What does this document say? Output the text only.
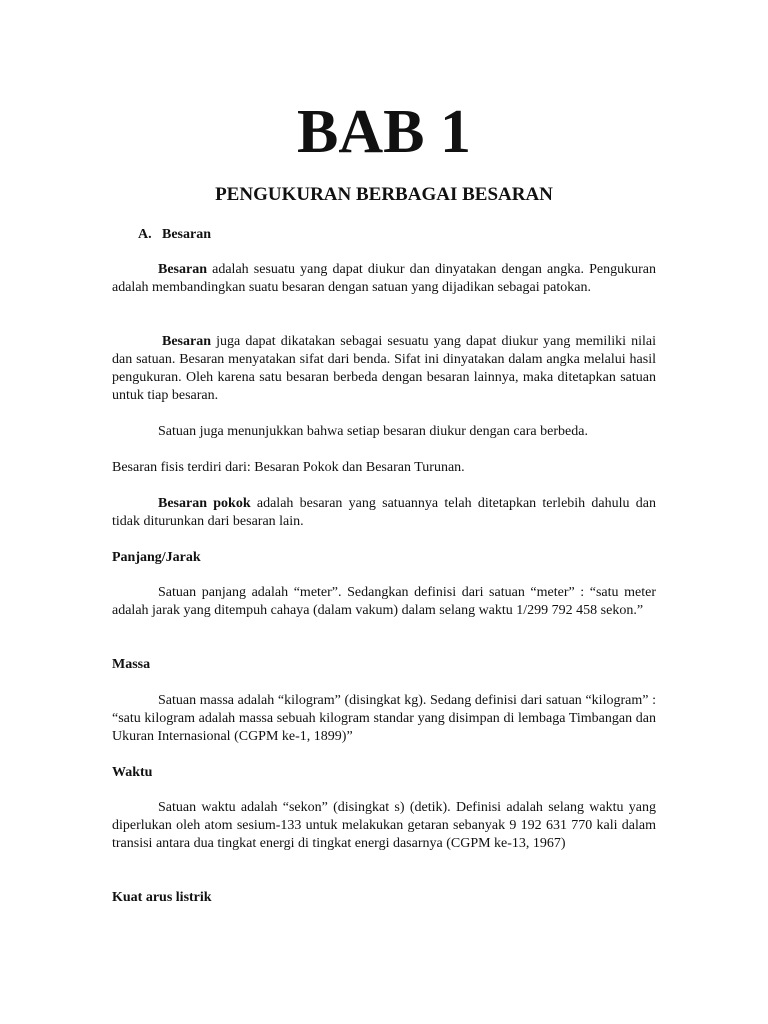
BAB 1
PENGUKURAN BERBAGAI BESARAN
A. Besaran

Besaran adalah sesuatu yang dapat diukur dan dinyatakan dengan angka. Pengukuran adalah membandingkan suatu besaran dengan satuan yang dijadikan sebagai patokan.

Besaran juga dapat dikatakan sebagai sesuatu yang dapat diukur yang memiliki nilai dan satuan. Besaran menyatakan sifat dari benda. Sifat ini dinyatakan dalam angka melalui hasil pengukuran. Oleh karena satu besaran berbeda dengan besaran lainnya, maka ditetapkan satuan untuk tiap besaran.

Satuan juga menunjukkan bahwa setiap besaran diukur dengan cara berbeda.

Besaran fisis terdiri dari: Besaran Pokok dan Besaran Turunan.

Besaran pokok adalah besaran yang satuannya telah ditetapkan terlebih dahulu dan tidak diturunkan dari besaran lain.

Panjang/Jarak

Satuan panjang adalah “meter”. Sedangkan definisi dari satuan “meter” : “satu meter adalah jarak yang ditempuh cahaya (dalam vakum) dalam selang waktu 1/299 792 458 sekon.”

Massa

Satuan massa adalah “kilogram” (disingkat kg). Sedang definisi dari satuan “kilogram” : “satu kilogram adalah massa sebuah kilogram standar yang disimpan di lembaga Timbangan dan Ukuran Internasional (CGPM ke-1, 1899)”

Waktu

Satuan waktu adalah “sekon” (disingkat s) (detik). Definisi adalah selang waktu yang diperlukan oleh atom sesium-133 untuk melakukan getaran sebanyak 9 192 631 770 kali dalam transisi antara dua tingkat energi di tingkat energi dasarnya (CGPM ke-13, 1967)

Kuat arus listrik
